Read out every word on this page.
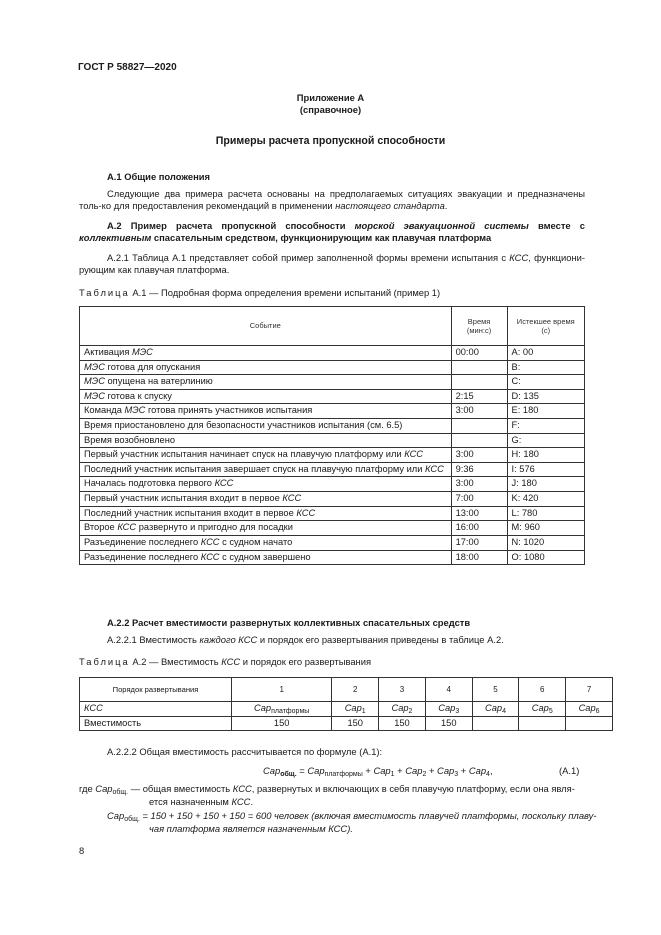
ГОСТ Р 58827—2020
Приложение А
(справочное)
Примеры расчета пропускной способности
А.1 Общие положения
Следующие два примера расчета основаны на предполагаемых ситуациях эвакуации и предназначены толь-ко для предоставления рекомендаций в применении настоящего стандарта.
А.2 Пример расчета пропускной способности морской эвакуационной системы вместе с коллективным спасательным средством, функционирующим как плавучая платформа
А.2.1 Таблица А.1 представляет собой пример заполненной формы времени испытания с КСС, функциони-рующим как плавучая платформа.
Таблица А.1 — Подробная форма определения времени испытаний (пример 1)
Событие	Время (мин:с)	Истекшее время (с)
Активация МЭС	00:00	A: 00
МЭС готова для опускания		B:
МЭС опущена на ватерлинию		C:
МЭС готова к спуску	2:15	D: 135
Команда МЭС готова принять участников испытания	3:00	E: 180
Время приостановлено для безопасности участников испытания (см. 6.5)		F:
Время возобновлено		G:
Первый участник испытания начинает спуск на плавучую платформу или КСС	3:00	H: 180
Последний участник испытания завершает спуск на плавучую платформу или КСС	9:36	I: 576
Началась подготовка первого КСС	3:00	J: 180
Первый участник испытания входит в первое КСС	7:00	K: 420
Последний участник испытания входит в первое КСС	13:00	L: 780
Второе КСС развернуто и пригодно для посадки	16:00	M: 960
Разъединение последнего КСС с судном начато	17:00	N: 1020
Разъединение последнего КСС с судном завершено	18:00	O: 1080
А.2.2 Расчет вместимости развернутых коллективных спасательных средств
А.2.2.1 Вместимость каждого КСС и порядок его развертывания приведены в таблице А.2.
Таблица А.2 — Вместимость КСС и порядок его развертывания
Порядок развертывания	1	2	3	4	5	6	7
КСС	Cap$_{платформы}$	Cap$_1$	Cap$_2$	Cap$_3$	Cap$_4$	Cap$_5$	Cap$_6$
Вместимость	150	150	150	150			
А.2.2.2 Общая вместимость рассчитывается по формуле (А.1):
Cap$_{общ.}$ = Cap$_{платформы}$ + Cap$_1$ + Cap$_2$ + Cap$_3$ + Cap$_4$,	(А.1)
где Cap$_{общ.}$ — общая вместимость КСС, развернутых и включающих в себя плавучую платформу, если она явля-
ется назначенным КСС.
Cap$_{общ.}$ = 150 + 150 + 150 + 150 = 600 человек (включая вместимость плавучей платформы, поскольку плаву-
чая платформа является назначенным КСС).
8
